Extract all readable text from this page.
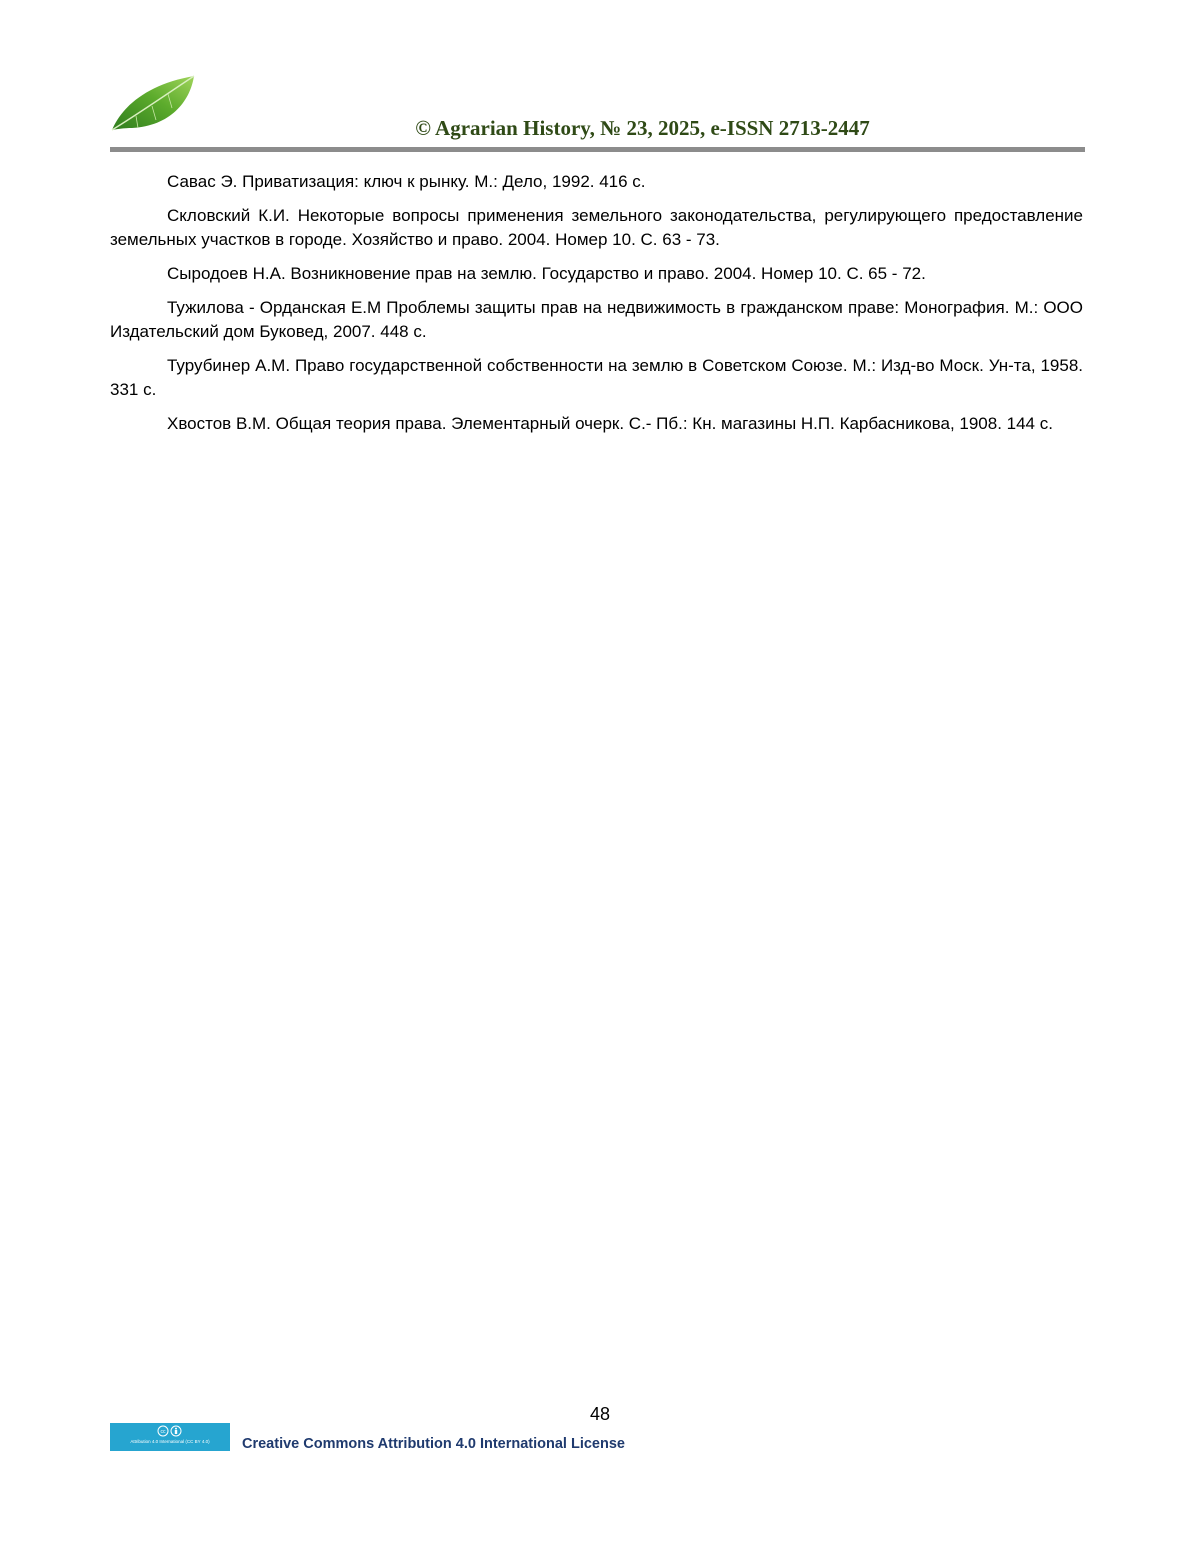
© Agrarian History, № 23, 2025, e-ISSN 2713-2447

Савас Э. Приватизация: ключ к рынку. М.: Дело, 1992. 416 с.

Скловский К.И. Некоторые вопросы применения земельного законодательства, регулирующего предоставление земельных участков в городе. Хозяйство и право. 2004. Номер 10. С. 63 - 73.

Сыродоев Н.А. Возникновение прав на землю. Государство и право. 2004. Номер 10. С. 65 - 72.

Тужилова - Орданская Е.М Проблемы защиты прав на недвижимость в гражданском праве: Монография. М.: ООО Издательский дом Буковед, 2007. 448 с.

Турубинер А.М. Право государственной собственности на землю в Советском Союзе. М.: Изд-во Моск. Ун-та, 1958. 331 с.

Хвостов В.М. Общая теория права. Элементарный очерк. С.- Пб.: Кн. магазины Н.П. Карбасникова, 1908. 144 с.

48
cc
Attribution 4.0 International (CC BY 4.0)	Creative Commons Attribution 4.0 International License
